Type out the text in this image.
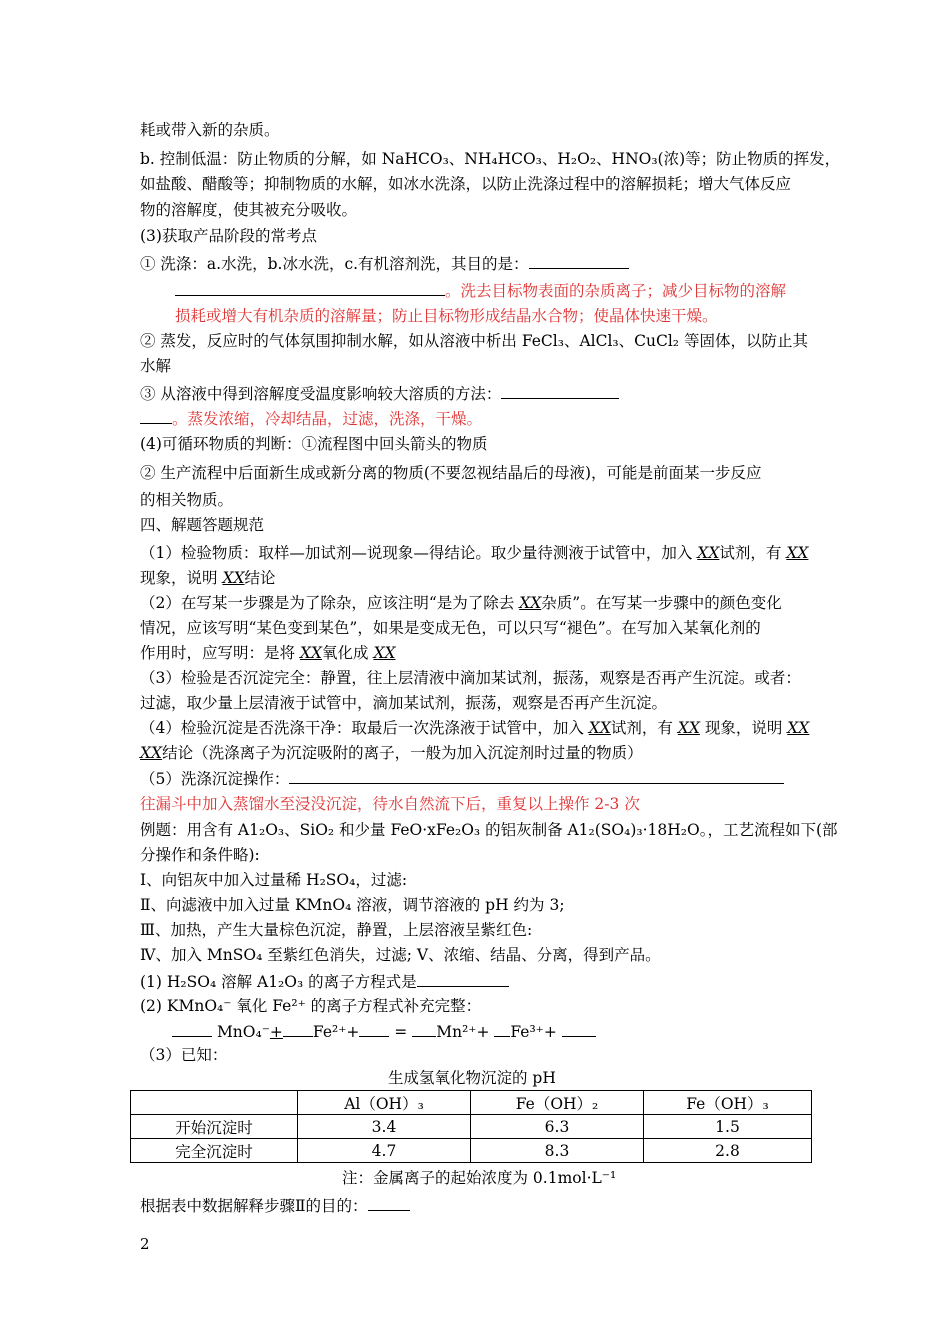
耗或带入新的杂质。
b. 控制低温：防止物质的分解，如 NaHCO₃、NH₄HCO₃、H₂O₂、HNO₃(浓)等；防止物质的挥发，
如盐酸、醋酸等；抑制物质的水解，如冰水洗涤，以防止洗涤过程中的溶解损耗；增大气体反应
物的溶解度，使其被充分吸收。
(3)获取产品阶段的常考点
① 洗涤：a.水洗，b.冰水洗，c.有机溶剂洗，其目的是：
。洗去目标物表面的杂质离子；减少目标物的溶解
损耗或增大有机杂质的溶解量；防止目标物形成结晶水合物；使晶体快速干燥。
② 蒸发，反应时的气体氛围抑制水解，如从溶液中析出 FeCl₃、AlCl₃、CuCl₂ 等固体，以防止其
水解
③ 从溶液中得到溶解度受温度影响较大溶质的方法：
。蒸发浓缩，冷却结晶，过滤，洗涤，干燥。
(4)可循环物质的判断：①流程图中回头箭头的物质
② 生产流程中后面新生成或新分离的物质(不要忽视结晶后的母液)，可能是前面某一步反应
的相关物质。
四、解题答题规范
（1）检验物质：取样—加试剂—说现象—得结论。取少量待测液于试管中，加入 XX试剂，有 XX
现象，说明 XX结论
（2）在写某一步骤是为了除杂，应该注明“是为了除去 XX杂质”。在写某一步骤中的颜色变化
情况，应该写明“某色变到某色”，如果是变成无色，可以只写“褪色”。在写加入某氧化剂的
作用时，应写明：是将 XX氧化成 XX
（3）检验是否沉淀完全：静置，往上层清液中滴加某试剂，振荡，观察是否再产生沉淀。或者：
过滤，取少量上层清液于试管中，滴加某试剂，振荡，观察是否再产生沉淀。
（4）检验沉淀是否洗涤干净：取最后一次洗涤液于试管中，加入 XX试剂，有 XX 现象，说明 XX
XX结论（洗涤离子为沉淀吸附的离子，一般为加入沉淀剂时过量的物质）
（5）洗涤沉淀操作：
往漏斗中加入蒸馏水至浸没沉淀，待水自然流下后，重复以上操作 2-3 次
例题：用含有 A1₂O₃、SiO₂ 和少量 FeO·xFe₂O₃ 的铝灰制备 A1₂(SO₄)₃·18H₂O。，工艺流程如下(部
分操作和条件略):
Ⅰ、向铝灰中加入过量稀 H₂SO₄，过滤:
Ⅱ、向滤液中加入过量 KMnO₄ 溶液，调节溶液的 pH 约为 3;
Ⅲ、加热，产生大量棕色沉淀，静置，上层溶液呈紫红色:
Ⅳ、加入 MnSO₄ 至紫红色消失，过滤; Ⅴ、浓缩、结晶、分离，得到产品。
(1) H₂SO₄ 溶解 A1₂O₃ 的离子方程式是
(2) KMnO₄⁻ 氧化 Fe²⁺ 的离子方程式补充完整：
MnO₄⁻+ Fe²⁺+ = Mn²⁺+ Fe³⁺+
（3）已知：
生成氢氧化物沉淀的 pH
	Al（OH）₃	Fe（OH）₂	Fe（OH）₃
开始沉淀时	3.4	6.3	1.5
完全沉淀时	4.7	8.3	2.8
注：金属离子的起始浓度为 0.1mol·L⁻¹
根据表中数据解释步骤Ⅱ的目的：
2
